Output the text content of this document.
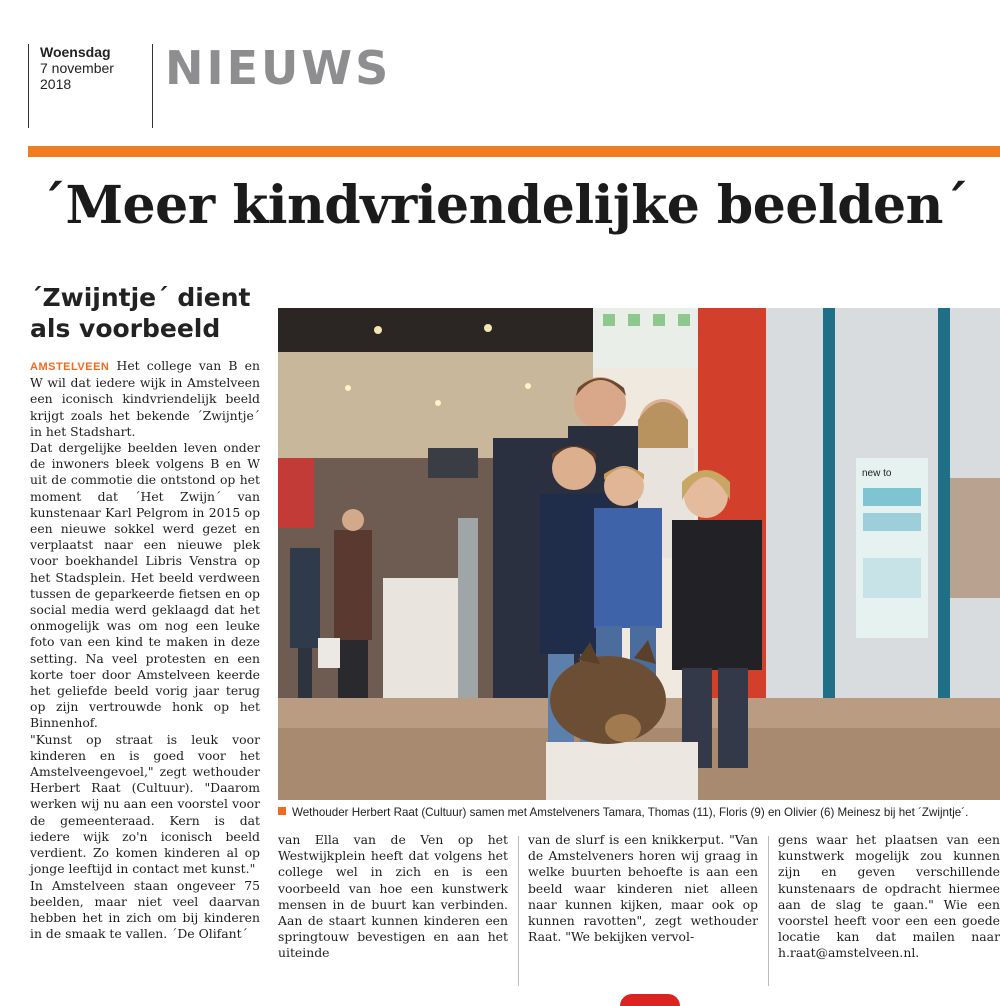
Woensdag
7 november
2018	NIEUWS
´Meer kindvriendelijke beelden´
´Zwijntje´ dient
als voorbeeld

AMSTELVEEN Het college van B en W wil dat iedere wijk in Amstelveen een iconisch kindvriendelijk beeld krijgt zoals het bekende ´Zwijntje´ in het Stadshart.

Dat dergelijke beelden leven onder de inwoners bleek volgens B en W uit de commotie die ontstond op het moment dat ´Het Zwijn´ van kunstenaar Karl Pelgrom in 2015 op een nieuwe sokkel werd gezet en verplaatst naar een nieuwe plek voor boekhandel Libris Venstra op het Stadsplein. Het beeld verdween tussen de geparkeerde fietsen en op social media werd geklaagd dat het onmogelijk was om nog een leuke foto van een kind te maken in deze setting. Na veel protesten en een korte toer door Amstelveen keerde het geliefde beeld vorig jaar terug op zijn vertrouwde honk op het Binnenhof.

"Kunst op straat is leuk voor kinderen en is goed voor het Amstelveengevoel," zegt wethouder Herbert Raat (Cultuur). "Daarom werken wij nu aan een voorstel voor de gemeenteraad. Kern is dat iedere wijk zo'n iconisch beeld verdient. Zo komen kinderen al op jonge leeftijd in contact met kunst."

In Amstelveen staan ongeveer 75 beelden, maar niet veel daarvan hebben het in zich om bij kinderen in de smaak te vallen. ´De Olifant´

new to
Wethouder Herbert Raat (Cultuur) samen met Amstelveners Tamara, Thomas (11), Floris (9) en Olivier (6) Meinesz bij het ´Zwijntje´.
van Ella van de Ven op het Westwijkplein heeft dat volgens het college wel in zich en is een voorbeeld van hoe een kunstwerk mensen in de buurt kan verbinden. Aan de staart kunnen kinderen een springtouw bevestigen en aan het uiteinde
van de slurf is een knikkerput. "Van de Amstelveners horen wij graag in welke buurten behoefte is aan een beeld waar kinderen niet alleen naar kunnen kijken, maar ook op kunnen ravotten", zegt wethouder Raat. "We bekijken vervol-
gens waar het plaatsen van een kunstwerk mogelijk zou kunnen zijn en geven verschillende kunstenaars de opdracht hiermee aan de slag te gaan." Wie een voorstel heeft voor een een goede locatie kan dat mailen naar h.raat@amstelveen.nl.
